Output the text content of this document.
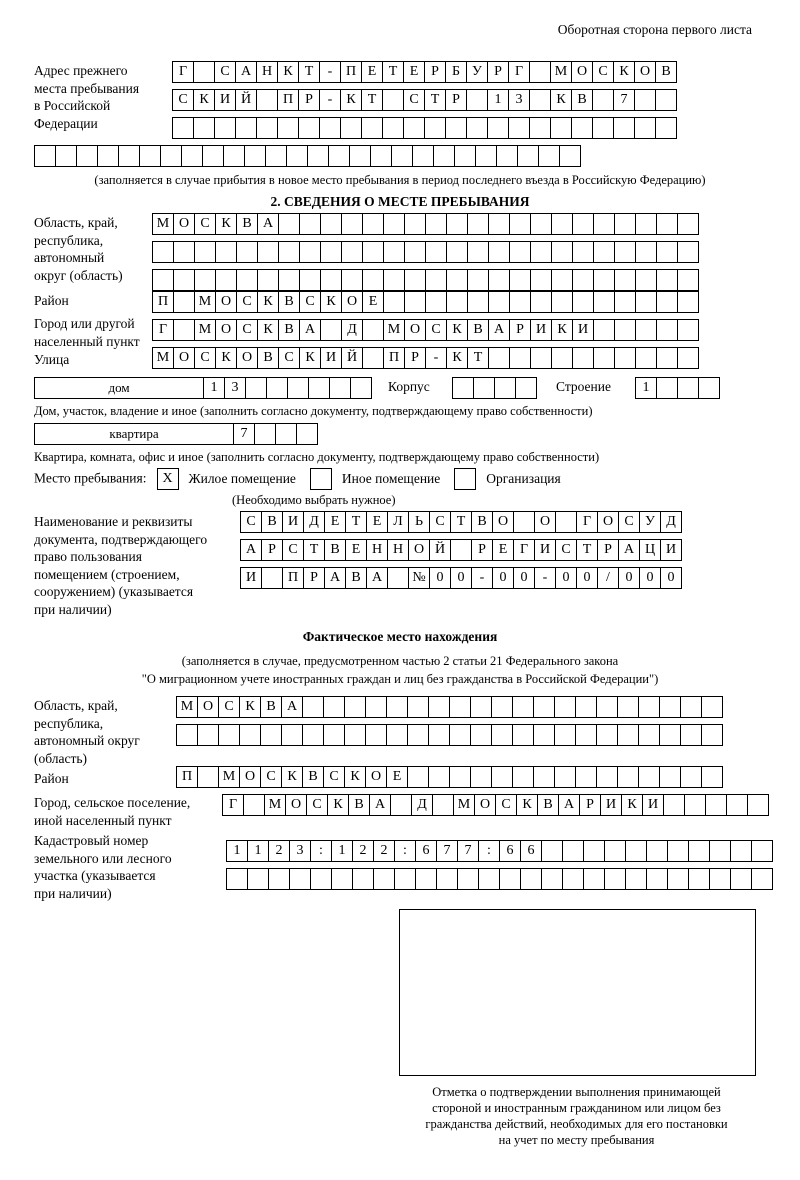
Оборотная сторона первого листа
Адрес прежнего
места пребывания
в Российской
Федерации
Г	С А Н К Т	- П Е Т Е Р Б У Р Г	М О С К О В
С К И Й	П Р	-	К Т	С Т Р	1	3	К В	7
(заполняется в случае прибытия в новое место пребывания в период последнего въезда в Российскую Федерацию)
2. СВЕДЕНИЯ О МЕСТЕ ПРЕБЫВАНИЯ
Область, край,
республика,
автономный
округ (область)
М О С К В А
Район	П	М О С К В С К О Е
Город или другой
населенный пункт
Г	М О С К В А	Д	М О С К В А Р И К И
Улица	М О С К О В С К И Й	П Р	-	К Т
дом	1	3	Корпус	Строение	1
Дом, участок, владение и иное (заполнить согласно документу, подтверждающему право собственности)
квартира	7
Квартира, комната, офис и иное (заполнить согласно документу, подтверждающему право собственности)
Место пребывания: X Жилое помещение	Иное помещение	Организация
(Необходимо выбрать нужное)
Наименование и реквизиты
документа, подтверждающего
право пользования
помещением (строением,
сооружением) (указывается
при наличии)
С В И Д Е Т Е Л Ь С Т В О	О	Г О С У Д
А Р С Т В Е Н Н О Й	Р Е Г И С Т Р А Ц И
И	П Р А В А	№ 0	0	-	0	0	-	0	0	/	0	0	0
Фактическое место нахождения
(заполняется в случае, предусмотренном частью 2 статьи 21 Федерального закона
"О миграционном учете иностранных граждан и лиц без гражданства в Российской Федерации")
Область, край,
республика,
автономный округ
(область)
М О С К В А
Район	П	М О С К В С К О Е
Город, сельское поселение,
иной населенный пункт
Г	М О С К В А	Д	М О С К В А Р И К И
Кадастровый номер
земельного или лесного
участка (указывается
при наличии)
1	1	2	3	:	1	2	2	:	6	7	7	:	6	6
Отметка о подтверждении выполнения принимающей
стороной и иностранным гражданином или лицом без
гражданства действий, необходимых для его постановки
на учет по месту пребывания
